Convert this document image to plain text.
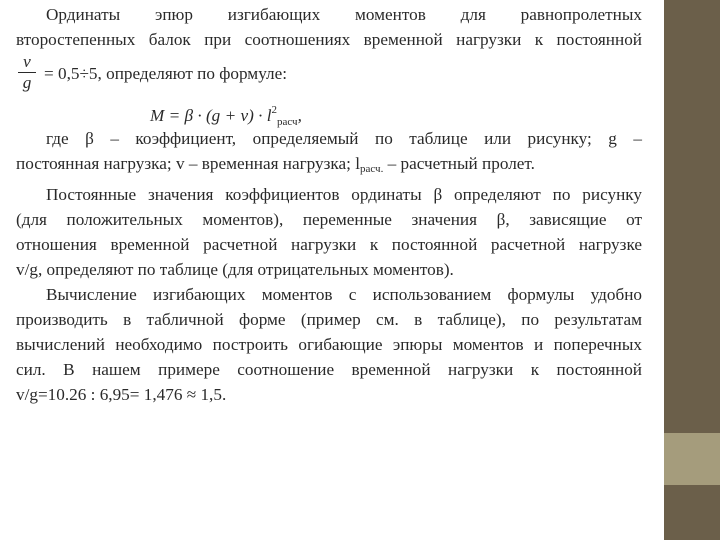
Ординаты эпюр изгибающих моментов для равнопролетных
второстепенных балок при соотношениях временной нагрузки к постоянной
v
g = 0,5÷5, определяют по формуле:
$M = \beta \cdot (g + v) \cdot l^2_{расч}$,
где β – коэффициент, определяемый по таблице или рисунку; g –
постоянная нагрузка; v – временная нагрузка; $l_{расч.}$ – расчетный пролет.
Постоянные значения коэффициентов ординаты β определяют по рисунку
(для положительных моментов), переменные значения β, зависящие от
отношения временной расчетной нагрузки к постоянной расчетной нагрузке
v/g, определяют по таблице (для отрицательных моментов).
Вычисление изгибающих моментов с использованием формулы удобно
производить в табличной форме (пример см. в таблице), по результатам
вычислений необходимо построить огибающие эпюры моментов и поперечных
сил. В нашем примере соотношение временной нагрузки к постоянной
v/g=10.26 : 6,95= 1,476 ≈ 1,5.
